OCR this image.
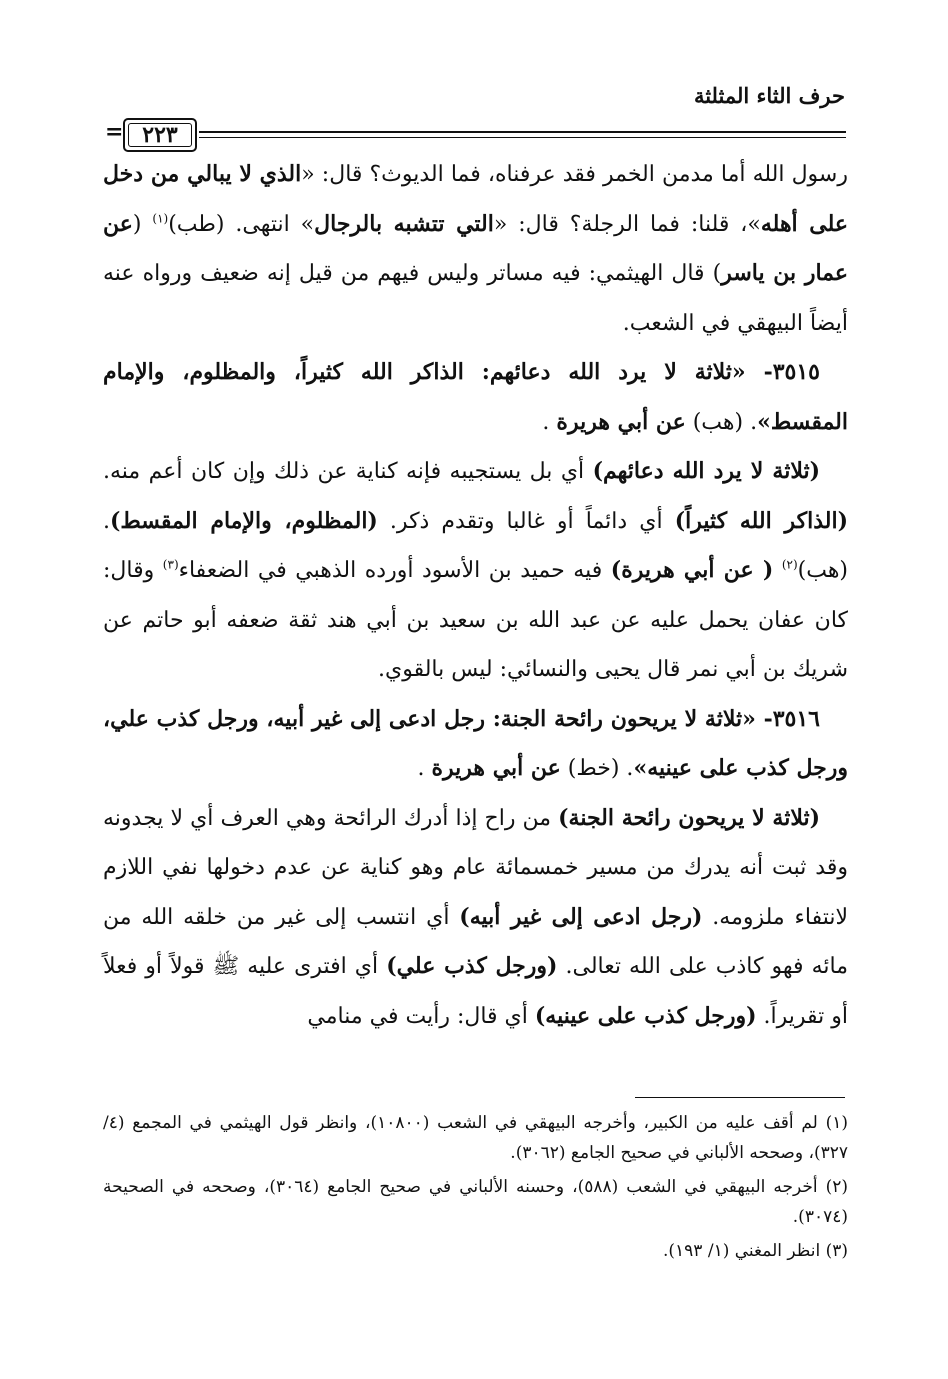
حرف الثاء المثلثة
٢٢٣
=

رسول الله أما مدمن الخمر فقد عرفناه، فما الديوث؟ قال: «الذي لا يبالي من دخل على أهله»، قلنا: فما الرجلة؟ قال: «التي تتشبه بالرجال» انتهى. (طب)$^{(١)}$ (عن عمار بن ياسر) قال الهيثمي: فيه مساتر وليس فيهم من قيل إنه ضعيف ورواه عنه أيضاً البيهقي في الشعب.

٣٥١٥- «ثلاثة لا يرد الله دعائهم: الذاكر الله كثيراً، والمظلوم، والإمام المقسط». (هب) عن أبي هريرة .

(ثلاثة لا يرد الله دعائهم) أي بل يستجيبه فإنه كناية عن ذلك وإن كان أعم منه. (الذاكر الله كثيراً) أي دائماً أو غالبا وتقدم ذكر. (المظلوم، والإمام المقسط). (هب)$^{(٢)}$ ( عن أبي هريرة) فيه حميد بن الأسود أورده الذهبي في الضعفاء$^{(٣)}$ وقال: كان عفان يحمل عليه عن عبد الله بن سعيد بن أبي هند ثقة ضعفه أبو حاتم عن شريك بن أبي نمر قال يحيى والنسائي: ليس بالقوي.

٣٥١٦- «ثلاثة لا يريحون رائحة الجنة: رجل ادعى إلى غير أبيه، ورجل كذب علي، ورجل كذب على عينيه». (خط) عن أبي هريرة .

(ثلاثة لا يريحون رائحة الجنة) من راح إذا أدرك الرائحة وهي العرف أي لا يجدونه وقد ثبت أنه يدرك من مسير خمسمائة عام وهو كناية عن عدم دخولها نفي اللازم لانتفاء ملزومه. (رجل ادعى إلى غير أبيه) أي انتسب إلى غير من خلقه الله من مائه فهو كاذب على الله تعالى. (ورجل كذب علي) أي افترى عليه ﷺ قولاً أو فعلاً أو تقريراً. (ورجل كذب على عينيه) أي قال: رأيت في منامي

(١) لم أقف عليه من الكبير، وأخرجه البيهقي في الشعب (١٠٨٠٠)، وانظر قول الهيثمي في المجمع (٤/ ٣٢٧)، وصححه الألباني في صحيح الجامع (٣٠٦٢).

(٢) أخرجه البيهقي في الشعب (٥٨٨)، وحسنه الألباني في صحيح الجامع (٣٠٦٤)، وصححه في الصحيحة (٣٠٧٤).

(٣) انظر المغني (١/ ١٩٣).
